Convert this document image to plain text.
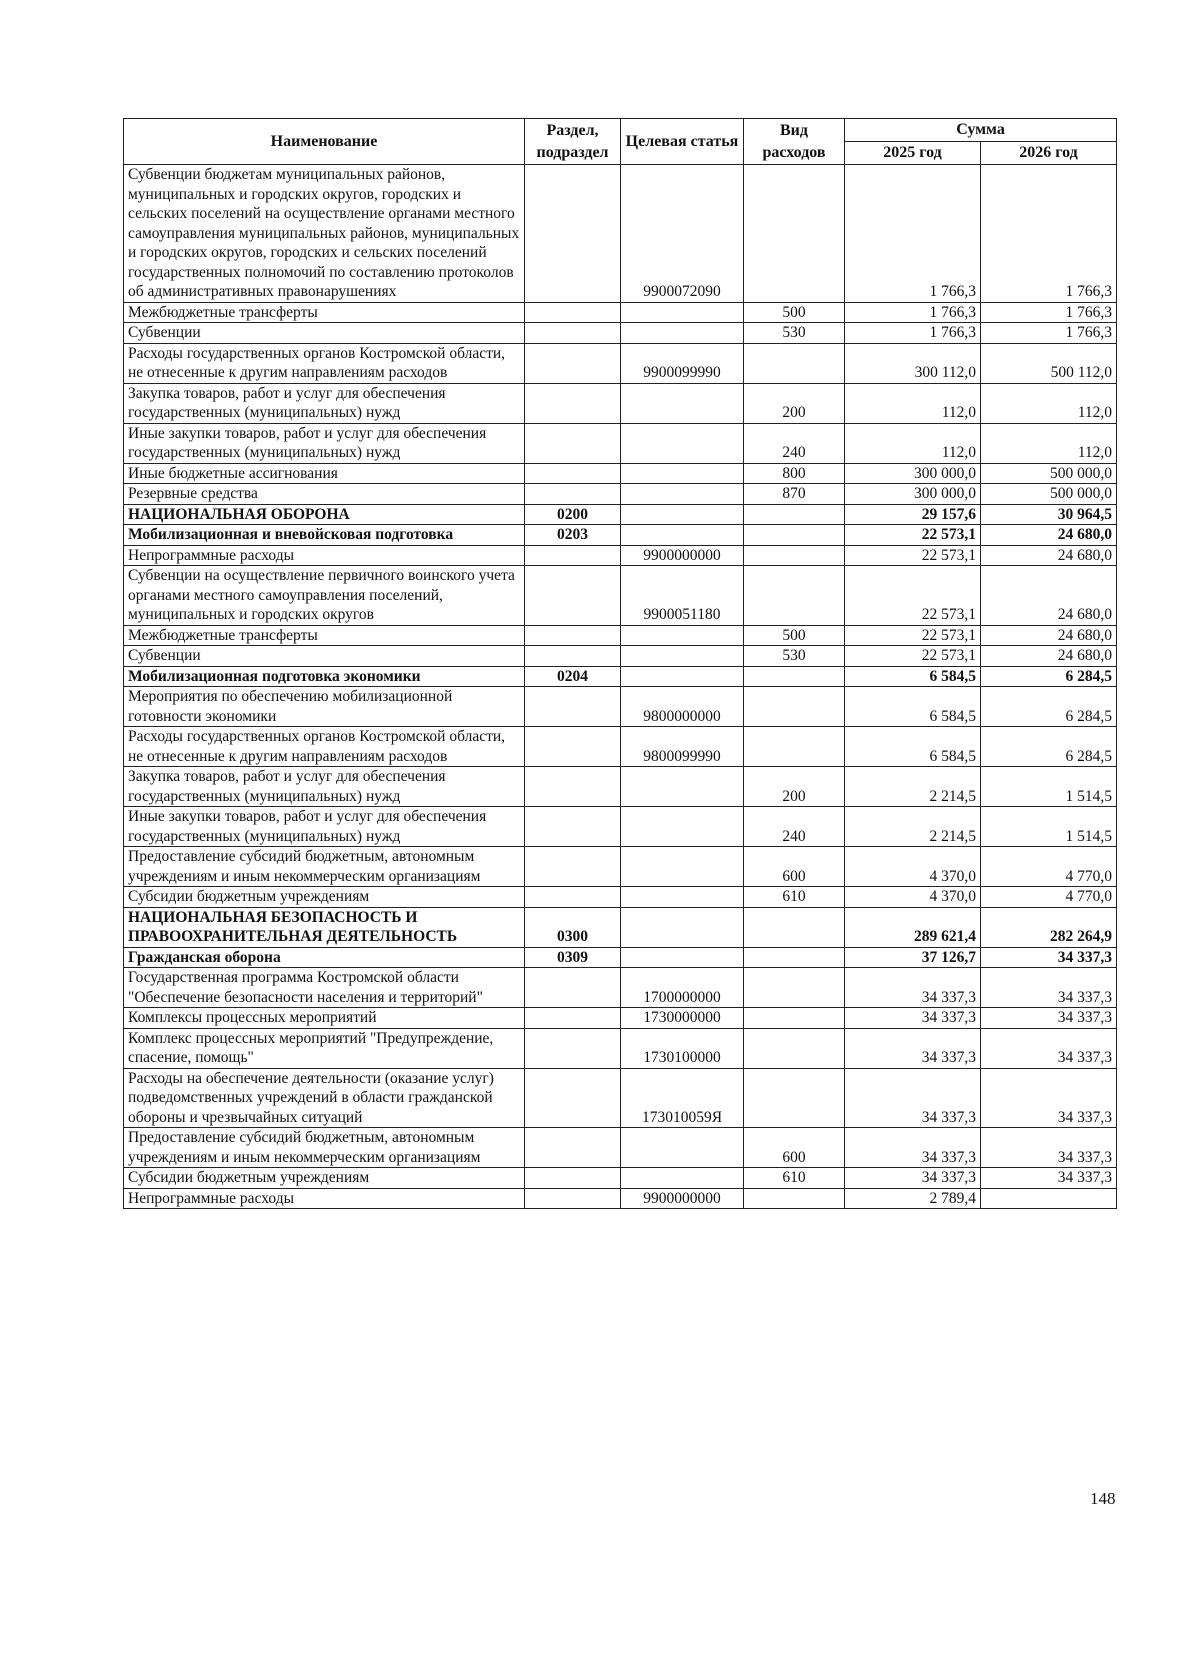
Наименование	Раздел, подраздел	Целевая статья	Вид расходов	Сумма	
				2025 год	2026 год
Субвенции бюджетам муниципальных районов, муниципальных и городских округов, городских и сельских поселений на осуществление органами местного самоуправления муниципальных районов, муниципальных и городских округов, городских и сельских поселений государственных полномочий по составлению протоколов об административных правонарушениях		9900072090		1 766,3	1 766,3
Межбюджетные трансферты			500	1 766,3	1 766,3
Субвенции			530	1 766,3	1 766,3
Расходы государственных органов Костромской области, не отнесенные к другим направлениям расходов		9900099990		300 112,0	500 112,0
Закупка товаров, работ и услуг для обеспечения государственных (муниципальных) нужд			200	112,0	112,0
Иные закупки товаров, работ и услуг для обеспечения государственных (муниципальных) нужд			240	112,0	112,0
Иные бюджетные ассигнования			800	300 000,0	500 000,0
Резервные средства			870	300 000,0	500 000,0
НАЦИОНАЛЬНАЯ ОБОРОНА	0200			29 157,6	30 964,5
Мобилизационная и вневойсковая подготовка	0203			22 573,1	24 680,0
Непрограммные расходы		9900000000		22 573,1	24 680,0
Субвенции на осуществление первичного воинского учета органами местного самоуправления поселений, муниципальных и городских округов		9900051180		22 573,1	24 680,0
Межбюджетные трансферты			500	22 573,1	24 680,0
Субвенции			530	22 573,1	24 680,0
Мобилизационная подготовка экономики	0204			6 584,5	6 284,5
Мероприятия по обеспечению мобилизационной готовности экономики		9800000000		6 584,5	6 284,5
Расходы государственных органов Костромской области, не отнесенные к другим направлениям расходов		9800099990		6 584,5	6 284,5
Закупка товаров, работ и услуг для обеспечения государственных (муниципальных) нужд			200	2 214,5	1 514,5
Иные закупки товаров, работ и услуг для обеспечения государственных (муниципальных) нужд			240	2 214,5	1 514,5
Предоставление субсидий бюджетным, автономным учреждениям и иным некоммерческим организациям			600	4 370,0	4 770,0
Субсидии бюджетным учреждениям			610	4 370,0	4 770,0
НАЦИОНАЛЬНАЯ БЕЗОПАСНОСТЬ И ПРАВООХРАНИТЕЛЬНАЯ ДЕЯТЕЛЬНОСТЬ	0300			289 621,4	282 264,9
Гражданская оборона	0309			37 126,7	34 337,3
Государственная программа Костромской области "Обеспечение безопасности населения и территорий"		1700000000		34 337,3	34 337,3
Комплексы процессных мероприятий		1730000000		34 337,3	34 337,3
Комплекс процессных мероприятий "Предупреждение, спасение, помощь"		1730100000		34 337,3	34 337,3
Расходы на обеспечение деятельности (оказание услуг) подведомственных учреждений в области гражданской обороны и чрезвычайных ситуаций		173010059Я		34 337,3	34 337,3
Предоставление субсидий бюджетным, автономным учреждениям и иным некоммерческим организациям			600	34 337,3	34 337,3
Субсидии бюджетным учреждениям			610	34 337,3	34 337,3
Непрограммные расходы		9900000000		2 789,4	
148
